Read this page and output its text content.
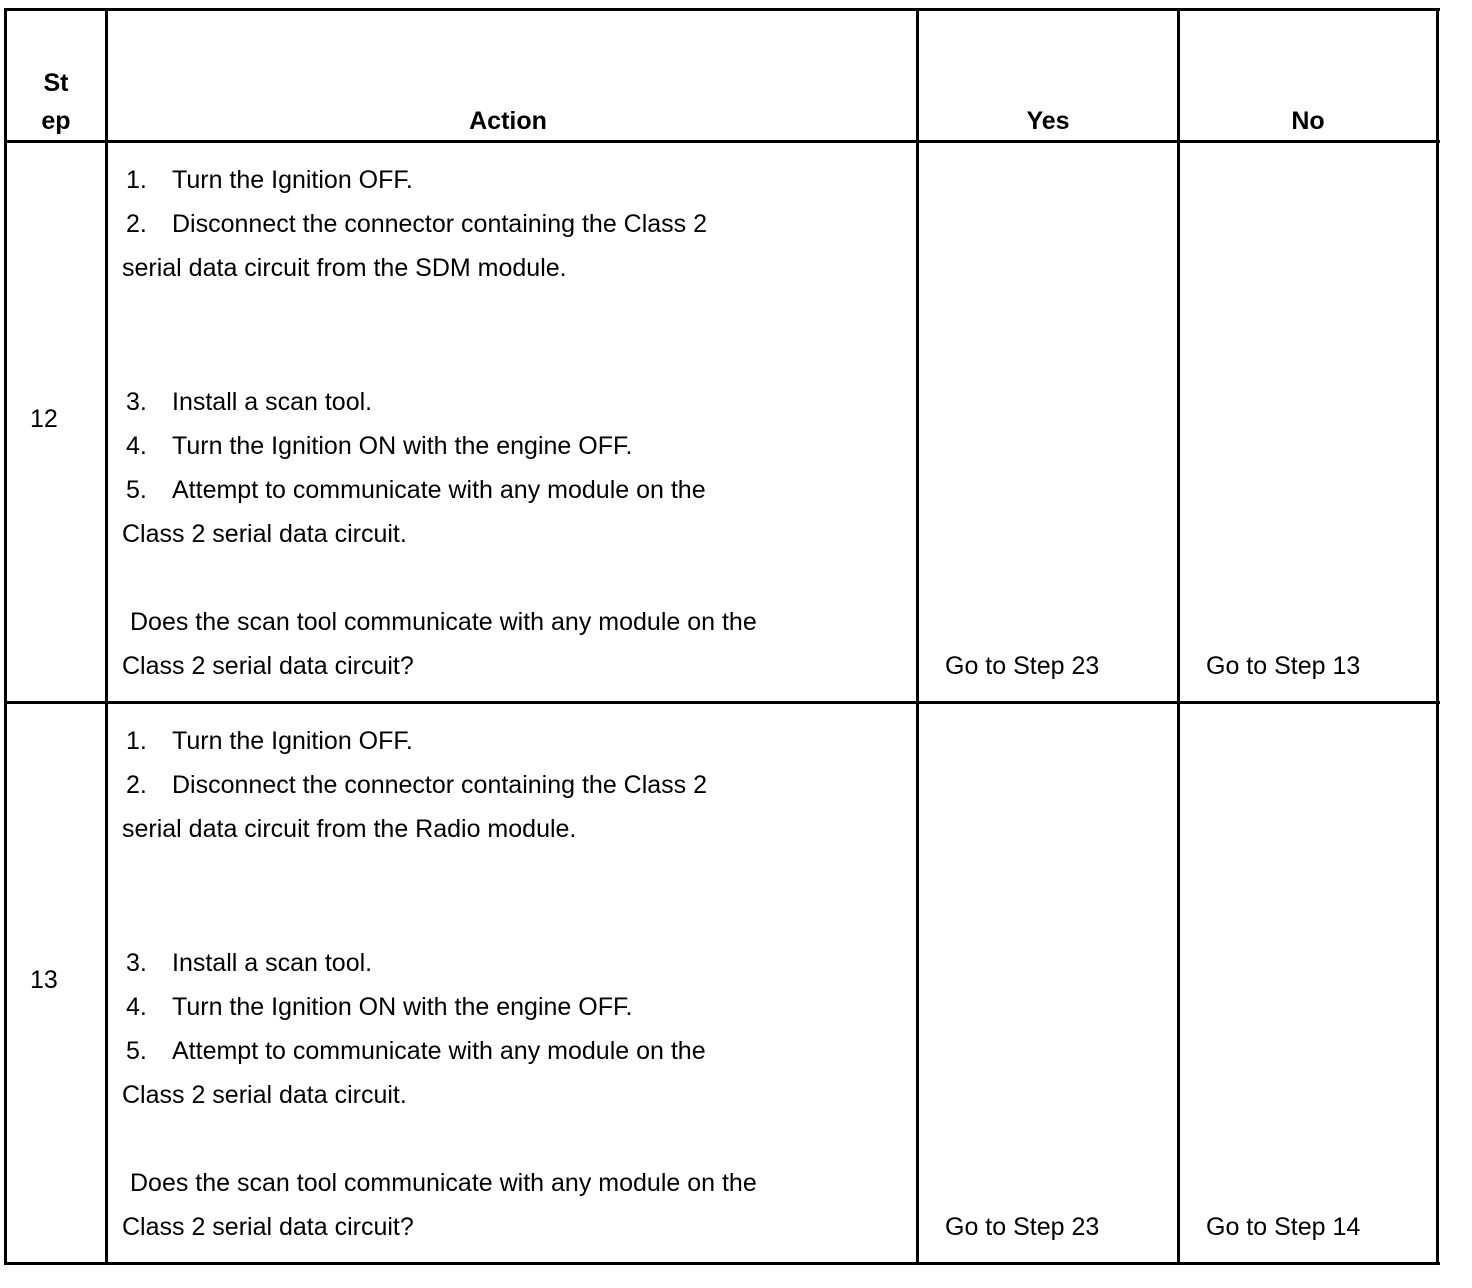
St
ep	Action	Yes	No
12
1. Turn the Ignition OFF.
2. Disconnect the connector containing the Class 2
serial data circuit from the SDM module.
3. Install a scan tool.
4. Turn the Ignition ON with the engine OFF.
5. Attempt to communicate with any module on the
Class 2 serial data circuit.
Does the scan tool communicate with any module on the
Class 2 serial data circuit?	Go to Step 23	Go to Step 13
13
1. Turn the Ignition OFF.
2. Disconnect the connector containing the Class 2
serial data circuit from the Radio module.
3. Install a scan tool.
4. Turn the Ignition ON with the engine OFF.
5. Attempt to communicate with any module on the
Class 2 serial data circuit.
Does the scan tool communicate with any module on the
Class 2 serial data circuit?	Go to Step 23	Go to Step 14
